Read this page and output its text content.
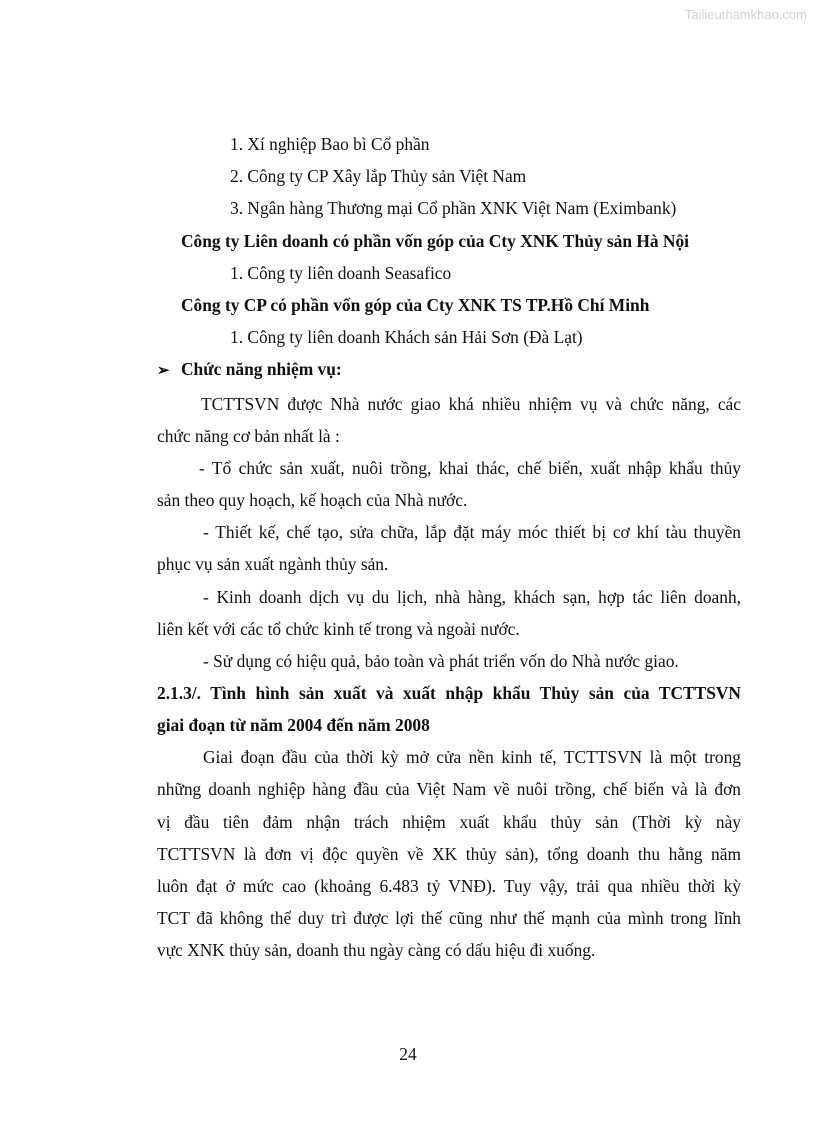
Tailieuthamkhao.com
1. Xí nghiệp Bao bì Cổ phần
2. Công ty CP Xây lắp Thủy sản Việt Nam
3. Ngân hàng Thương mại Cổ phần XNK Việt Nam (Eximbank)
Công ty Liên doanh có phần vốn góp của Cty XNK Thủy sản Hà Nội
1. Công ty liên doanh Seasafico
Công ty CP có phần vốn góp của Cty XNK TS TP.Hồ Chí Minh
1. Công ty liên doanh Khách sản Hải Sơn (Đà Lạt)
➢ Chức năng nhiệm vụ:
TCTTSVN được Nhà nước giao khá nhiều nhiệm vụ và chức năng, các
chức năng cơ bản nhất là :
- Tổ chức sản xuất, nuôi trồng, khai thác, chế biến, xuất nhập khẩu thủy
sản theo quy hoạch, kế hoạch của Nhà nước.
- Thiết kế, chế tạo, sửa chữa, lắp đặt máy móc thiết bị cơ khí tàu thuyền
phục vụ sản xuất ngành thủy sản.
- Kinh doanh dịch vụ du lịch, nhà hàng, khách sạn, hợp tác liên doanh,
liên kết với các tổ chức kinh tế trong và ngoài nước.
- Sử dụng có hiệu quả, bảo toàn và phát triển vốn do Nhà nước giao.
2.1.3/. Tình hình sản xuất và xuất nhập khẩu Thủy sản của TCTTSVN
giai đoạn từ năm 2004 đến năm 2008
Giai đoạn đầu của thời kỳ mở cửa nền kinh tế, TCTTSVN là một trong
những doanh nghiệp hàng đầu của Việt Nam về nuôi trồng, chế biến và là đơn
vị đầu tiên đảm nhận trách nhiệm xuất khẩu thủy sản (Thời kỳ này
TCTTSVN là đơn vị độc quyền về XK thủy sản), tổng doanh thu hằng năm
luôn đạt ở mức cao (khoảng 6.483 tỷ VNĐ). Tuy vậy, trải qua nhiều thời kỳ
TCT đã không thể duy trì được lợi thế cũng như thế mạnh của mình trong lĩnh
vực XNK thủy sản, doanh thu ngày càng có dấu hiệu đi xuống.
24
